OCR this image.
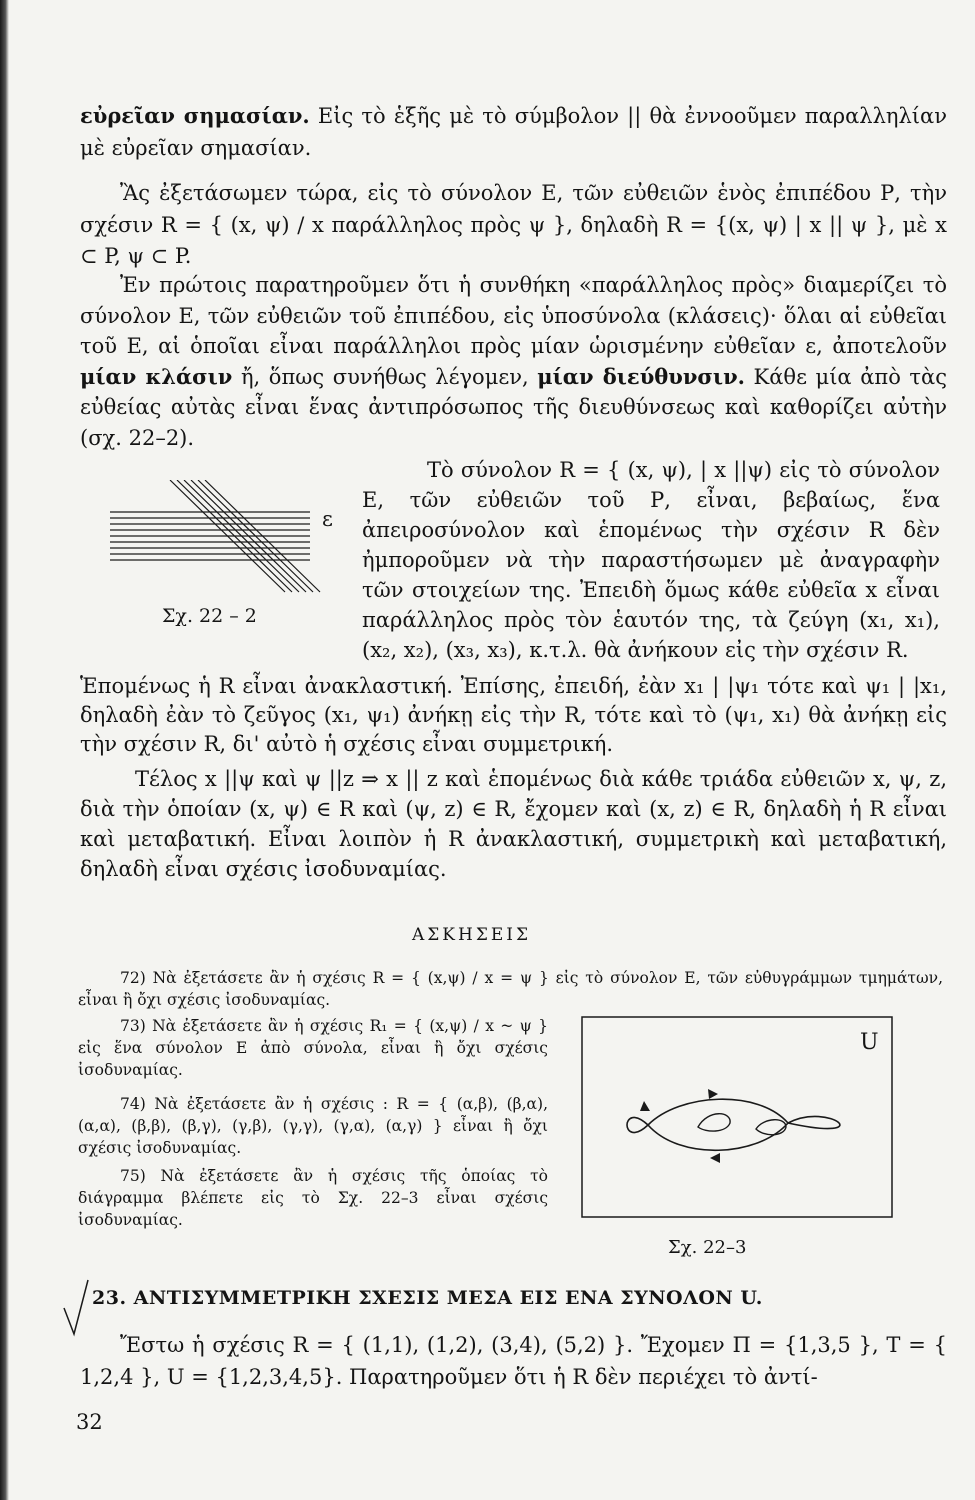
εὐρεῖαν σημασίαν. Εἰς τὸ ἑξῆς μὲ τὸ σύμβολον || θὰ ἐννοοῦμεν παραλληλίαν μὲ εὐρεῖαν σημασίαν.

Ἂς ἐξετάσωμεν τώρα, εἰς τὸ σύνολον Ε, τῶν εὐθειῶν ἑνὸς ἐπιπέδου Ρ, τὴν σχέσιν R = { (x, ψ) / x παράλληλος πρὸς ψ }, δηλαδὴ R = {(x, ψ) | x || ψ }, μὲ x ⊂ P, ψ ⊂ P.

Ἐν πρώτοις παρατηροῦμεν ὅτι ἡ συνθήκη «παράλληλος πρὸς» διαμερίζει τὸ σύνολον Ε, τῶν εὐθειῶν τοῦ ἐπιπέδου, εἰς ὑποσύνολα (κλάσεις)· ὅλαι αἱ εὐθεῖαι τοῦ Ε, αἱ ὁποῖαι εἶναι παράλληλοι πρὸς μίαν ὡρισμένην εὐθεῖαν ε, ἀποτελοῦν μίαν κλάσιν ἤ, ὅπως συνήθως λέγομεν, μίαν διεύθυνσιν. Κάθε μία ἀπὸ τὰς εὐθείας αὐτὰς εἶναι ἕνας ἀντιπρόσωπος τῆς διευθύνσεως καὶ καθορίζει αὐτὴν (σχ. 22–2).

ε
Σχ. 22 – 2

Τὸ σύνολον R = { (x, ψ), | x ||ψ) εἰς τὸ σύνολον Ε, τῶν εὐθειῶν τοῦ Ρ, εἶναι, βεβαίως, ἕνα ἀπειροσύνολον καὶ ἑπομένως τὴν σχέσιν R δὲν ἠμποροῦμεν νὰ τὴν παραστήσωμεν μὲ ἀναγραφὴν τῶν στοιχείων της. Ἐπειδὴ ὅμως κάθε εὐθεῖα x εἶναι παράλληλος πρὸς τὸν ἑαυτόν της, τὰ ζεύγη (x₁, x₁), (x₂, x₂), (x₃, x₃), κ.τ.λ. θὰ ἀνήκουν εἰς τὴν σχέσιν R.

Ἑπομένως ἡ R εἶναι ἀνακλαστική. Ἐπίσης, ἐπειδή, ἐὰν x₁ | |ψ₁ τότε καὶ ψ₁ | |x₁, δηλαδὴ ἐὰν τὸ ζεῦγος (x₁, ψ₁) ἀνήκῃ εἰς τὴν R, τότε καὶ τὸ (ψ₁, x₁) θὰ ἀνήκῃ εἰς τὴν σχέσιν R, δι' αὐτὸ ἡ σχέσις εἶναι συμμετρική.

Τέλος x ||ψ καὶ ψ ||z ⇒ x || z καὶ ἑπομένως διὰ κάθε τριάδα εὐθειῶν x, ψ, z, διὰ τὴν ὁποίαν (x, ψ) ∈ R καὶ (ψ, z) ∈ R, ἔχομεν καὶ (x, z) ∈ R, δηλαδὴ ἡ R εἶναι καὶ μεταβατική. Εἶναι λοιπὸν ἡ R ἀνακλαστική, συμμετρικὴ καὶ μεταβατική, δηλαδὴ εἶναι σχέσις ἰσοδυναμίας.

ΑΣΚΗΣΕΙΣ

72) Νὰ ἐξετάσετε ἂν ἡ σχέσις R = { (x,ψ) / x = ψ } εἰς τὸ σύνολον Ε, τῶν εὐθυγράμμων τμημάτων, εἶναι ἢ ὄχι σχέσις ἰσοδυναμίας.

73) Νὰ ἐξετάσετε ἂν ἡ σχέσις R₁ = { (x,ψ) / x ~ ψ } εἰς ἕνα σύνολον Ε ἀπὸ σύνολα, εἶναι ἢ ὄχι σχέσις ἰσοδυναμίας.

74) Νὰ ἐξετάσετε ἂν ἡ σχέσις : R = { (α,β), (β,α), (α,α), (β,β), (β,γ), (γ,β), (γ,γ), (γ,α), (α,γ) } εἶναι ἢ ὄχι σχέσις ἰσοδυναμίας.

75) Νὰ ἐξετάσετε ἂν ἡ σχέσις τῆς ὁποίας τὸ διάγραμμα βλέπετε εἰς τὸ Σχ. 22–3 εἶναι σχέσις ἰσοδυναμίας.

U
Σχ. 22–3
23. ΑΝΤΙΣΥΜΜΕΤΡΙΚΗ ΣΧΕΣΙΣ ΜΕΣΑ ΕΙΣ ΕΝΑ ΣΥΝΟΛΟΝ U.

Ἔστω ἡ σχέσις R = { (1,1), (1,2), (3,4), (5,2) }. Ἔχομεν Π = {1,3,5 }, Τ = { 1,2,4 }, U = {1,2,3,4,5}. Παρατηροῦμεν ὅτι ἡ R δὲν περιέχει τὸ ἀντί-

32
